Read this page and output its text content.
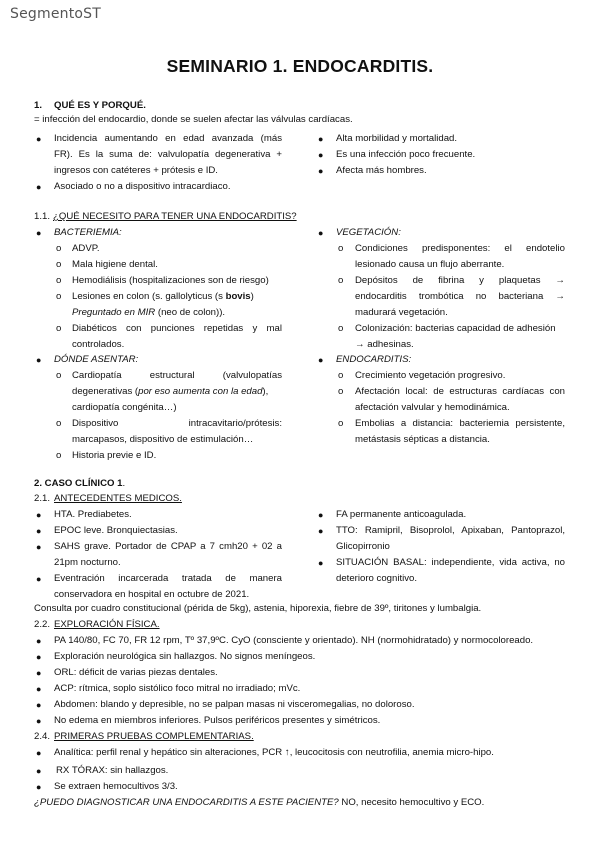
SegmentoST
SEMINARIO 1. ENDOCARDITIS.
1. QUÉ ES Y PORQUÉ.
= infección del endocardio, donde se suelen afectar las válvulas cardíacas.
● Incidencia aumentando en edad avanzada (más
FR). Es la suma de: valvulopatía degenerativa +
ingresos con catéteres + prótesis e ID.
● Asociado o no a dispositivo intracardiaco.
● Alta morbilidad y mortalidad.
● Es una infección poco frecuente.
● Afecta más hombres.
1.1. ¿QUÉ NECESITO PARA TENER UNA ENDOCARDITIS?
● BACTERIEMIA:
o ADVP.
o Mala higiene dental.
o Hemodiálisis (hospitalizaciones son de riesgo)
o Lesiones en colon (s. gallolyticus (s bovis)
Preguntado en MIR (neo de colon)).
o Diabéticos con punciones repetidas y mal
controlados.
● DÓNDE ASENTAR:
o Cardiopatía estructural (valvulopatías
degenerativas (por eso aumenta con la edad),
cardiopatía congénita…)
o Dispositivo intracavitario/prótesis:
marcapasos, dispositivo de estimulación…
o Historia previe e ID.
● VEGETACIÓN:
o Condiciones predisponentes: el endotelio
lesionado causa un flujo aberrante.
o Depósitos de fibrina y plaquetas →
endocarditis trombótica no bacteriana →
madurará vegetación.
o Colonización: bacterias capacidad de adhesión
→ adhesinas.
● ENDOCARDITIS:
o Crecimiento vegetación progresivo.
o Afectación local: de estructuras cardíacas con
afectación valvular y hemodinámica.
o Embolias a distancia: bacteriemia persistente,
metástasis sépticas a distancia.
2. CASO CLÍNICO 1.
2.1. ANTECEDENTES MEDICOS.
● HTA. Prediabetes.
● EPOC leve. Bronquiectasias.
● SAHS grave. Portador de CPAP a 7 cmh20 + 02 a
21pm nocturno.
● Eventración incarcerada tratada de manera
conservadora en hospital en octubre de 2021.
● FA permanente anticoagulada.
● TTO: Ramipril, Bisoprolol, Apixaban, Pantoprazol,
Glicopirronio
● SITUACIÓN BASAL: independiente, vida activa, no
deterioro cognitivo.
Consulta por cuadro constitucional (périda de 5kg), astenia, hiporexia, fiebre de 39º, tiritones y lumbalgia.
2.2. EXPLORACIÓN FÍSICA.
● PA 140/80, FC 70, FR 12 rpm, Tº 37,9ºC. CyO (consciente y orientado). NH (normohidratado) y normocoloreado.
● Exploración neurológica sin hallazgos. No signos meníngeos.
● ORL: déficit de varias piezas dentales.
● ACP: rítmica, soplo sistólico foco mitral no irradiado; mVc.
● Abdomen: blando y depresible, no se palpan masas ni visceromegalias, no doloroso.
● No edema en miembros inferiores. Pulsos periféricos presentes y simétricos.
2.4. PRIMERAS PRUEBAS COMPLEMENTARIAS.
● Analítica: perfil renal y hepático sin alteraciones, PCR ↑, leucocitosis con neutrofilia, anemia micro-hipo.
● RX TÓRAX: sin hallazgos.
● Se extraen hemocultivos 3/3.
¿PUEDO DIAGNOSTICAR UNA ENDOCARDITIS A ESTE PACIENTE? NO, necesito hemocultivo y ECO.
